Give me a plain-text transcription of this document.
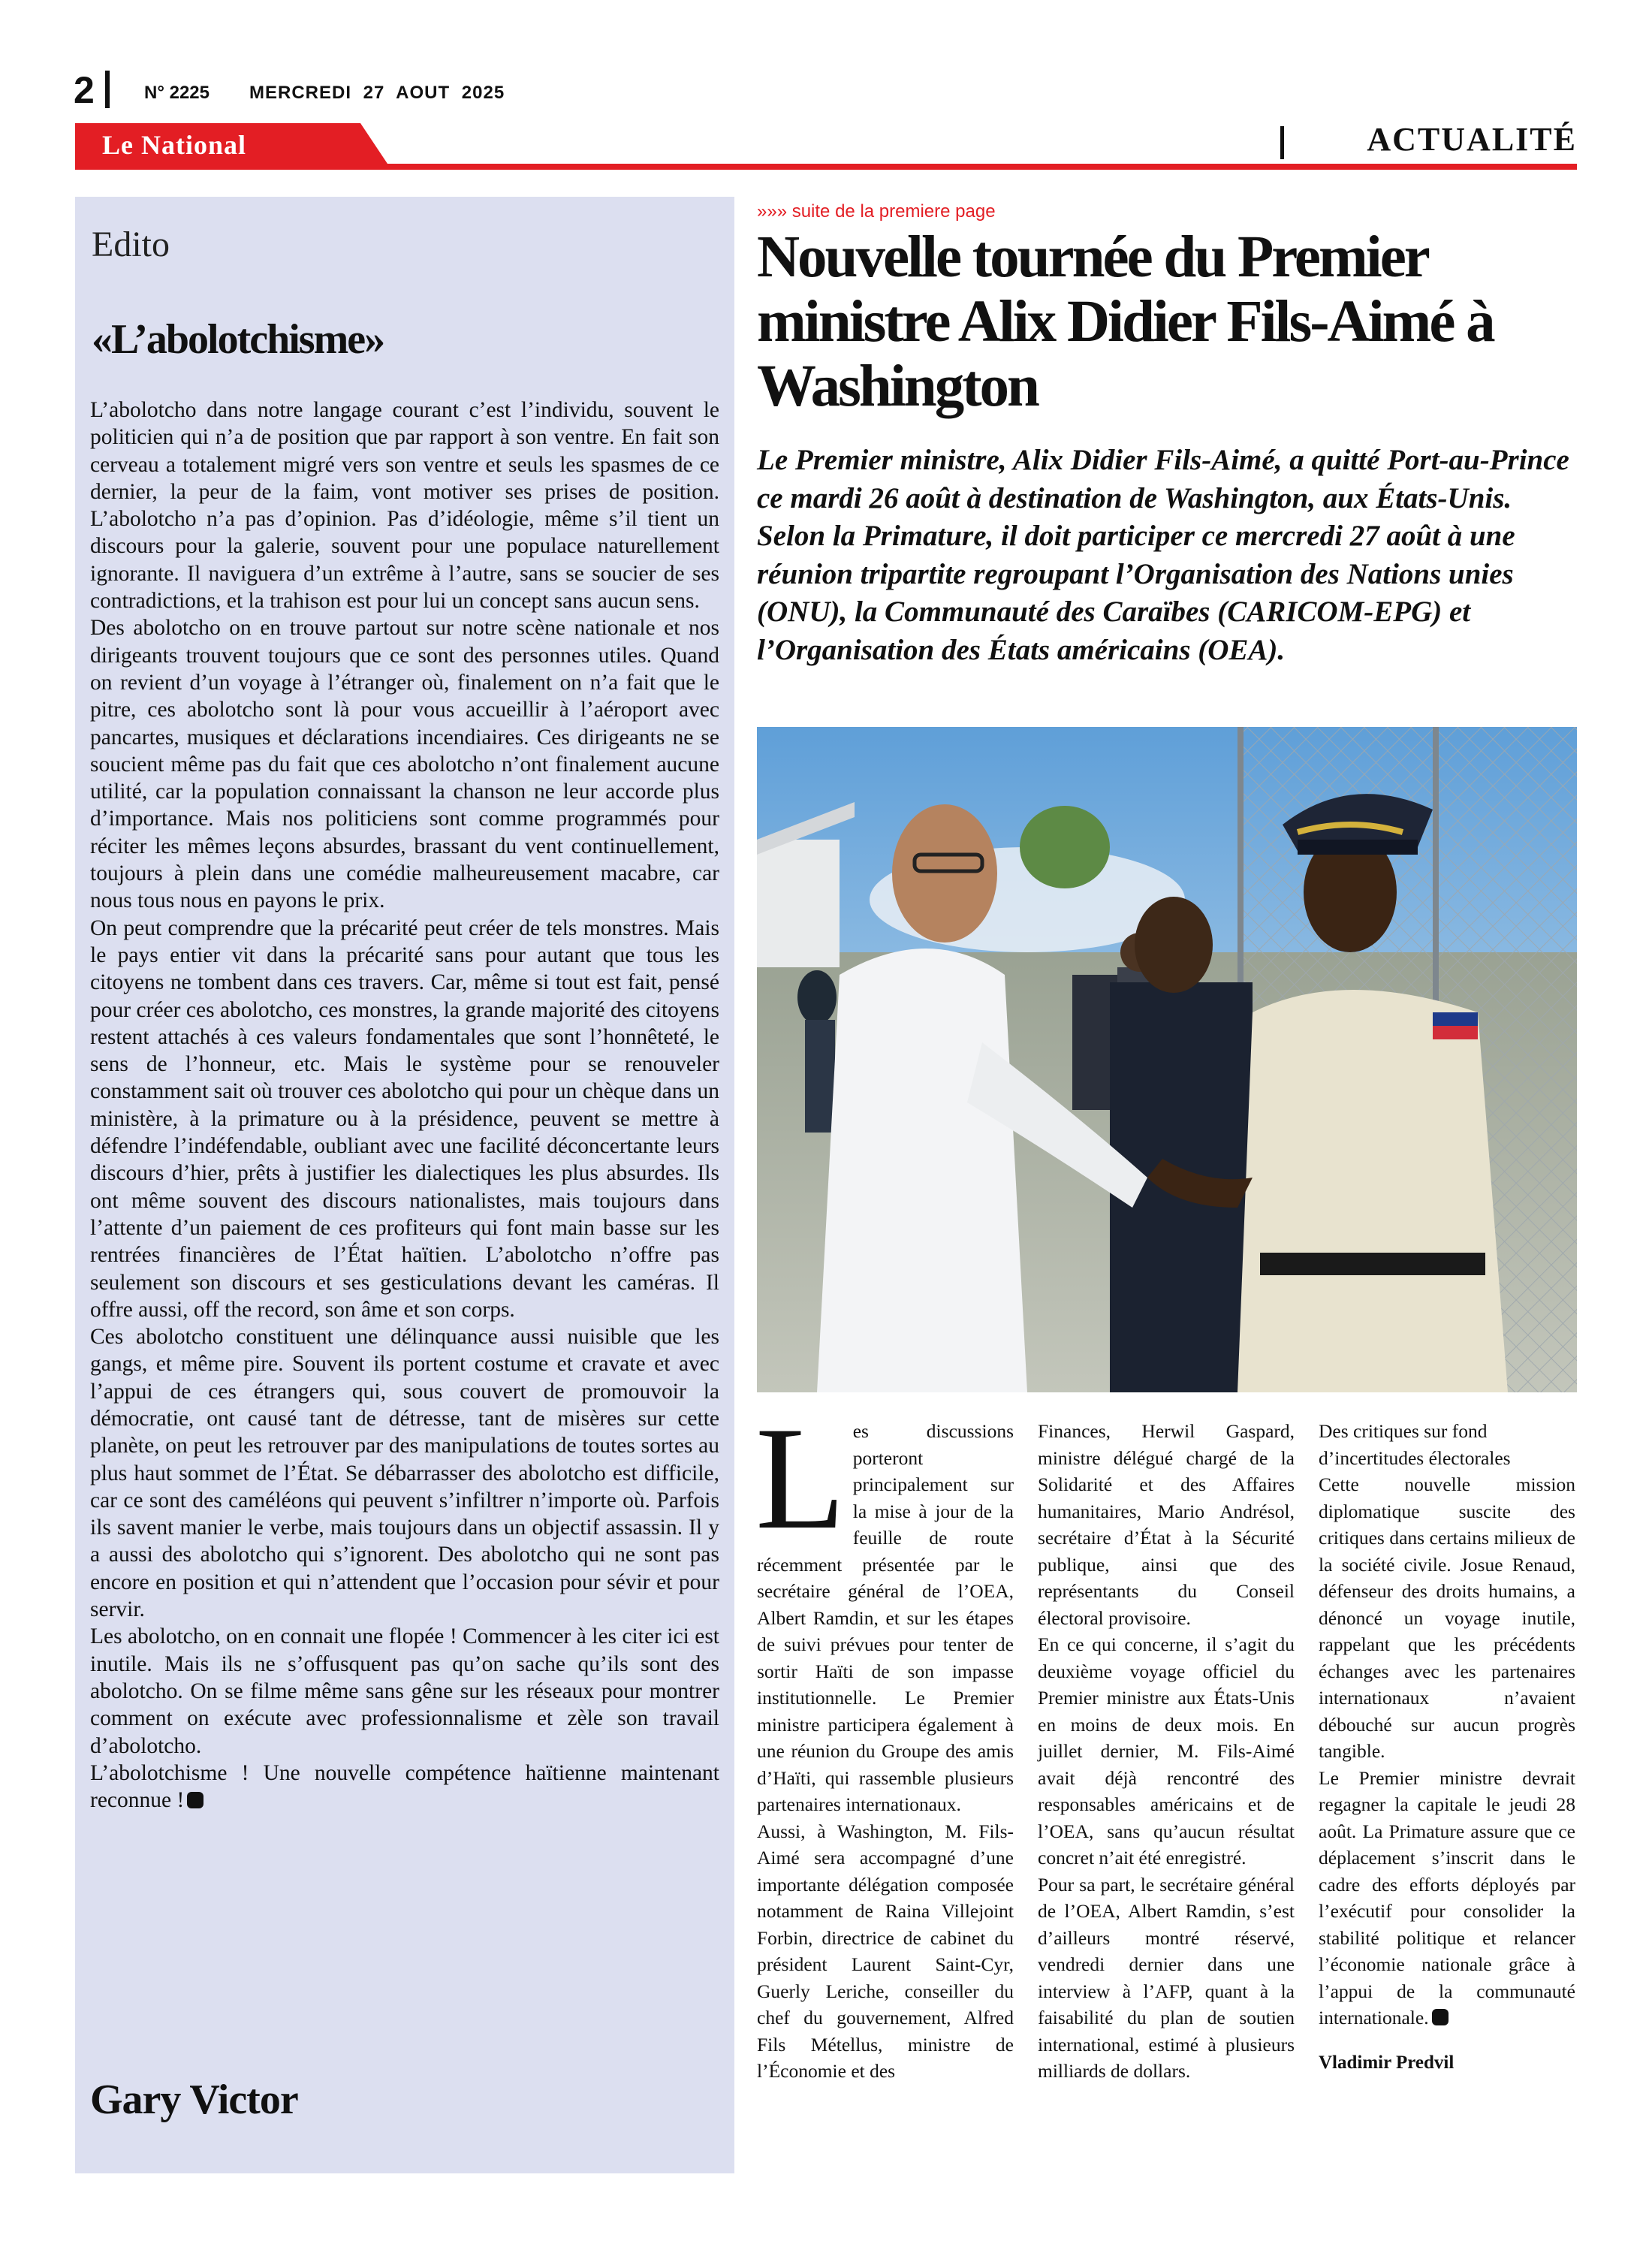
2	N° 2225 MERCREDI 27 AOUT 2025
Le National	ACTUALITÉ
Edito
«L’abolotchisme»

L’abolotcho dans notre langage courant c’est l’individu, souvent le politicien qui n’a de position que par rapport à son ventre. En fait son cerveau a totalement migré vers son ventre et seuls les spasmes de ce dernier, la peur de la faim, vont motiver ses prises de position. L’abolotcho n’a pas d’opinion. Pas d’idéologie, même s’il tient un discours pour la galerie, souvent pour une populace naturellement ignorante. Il naviguera d’un extrême à l’autre, sans se soucier de ses contradictions, et la trahison est pour lui un concept sans aucun sens.

Des abolotcho on en trouve partout sur notre scène nationale et nos dirigeants trouvent toujours que ce sont des personnes utiles. Quand on revient d’un voyage à l’étranger où, finalement on n’a fait que le pitre, ces abolotcho sont là pour vous accueillir à l’aéroport avec pancartes, musiques et déclarations incendiaires. Ces dirigeants ne se soucient même pas du fait que ces abolotcho n’ont finalement aucune utilité, car la population connaissant la chanson ne leur accorde plus d’importance. Mais nos politiciens sont comme programmés pour réciter les mêmes leçons absurdes, brassant du vent continuellement, toujours à plein dans une comédie malheureusement macabre, car nous tous nous en payons le prix.

On peut comprendre que la précarité peut créer de tels monstres. Mais le pays entier vit dans la précarité sans pour autant que tous les citoyens ne tombent dans ces travers. Car, même si tout est fait, pensé pour créer ces abolotcho, ces monstres, la grande majorité des citoyens restent attachés à ces valeurs fondamentales que sont l’honnêteté, le sens de l’honneur, etc. Mais le système pour se renouveler constamment sait où trouver ces abolotcho qui pour un chèque dans un ministère, à la primature ou à la présidence, peuvent se mettre à défendre l’indéfendable, oubliant avec une facilité déconcertante leurs discours d’hier, prêts à justifier les dialectiques les plus absurdes. Ils ont même souvent des discours nationalistes, mais toujours dans l’attente d’un paiement de ces profiteurs qui font main basse sur les rentrées financières de l’État haïtien. L’abolotcho n’offre pas seulement son discours et ses gesticulations devant les caméras. Il offre aussi, off the record, son âme et son corps.

Ces abolotcho constituent une délinquance aussi nuisible que les gangs, et même pire. Souvent ils portent costume et cravate et avec l’appui de ces étrangers qui, sous couvert de promouvoir la démocratie, ont causé tant de détresse, tant de misères sur cette planète, on peut les retrouver par des manipulations de toutes sortes au plus haut sommet de l’État. Se débarrasser des abolotcho est difficile, car ce sont des caméléons qui peuvent s’infiltrer n’importe où. Parfois ils savent manier le verbe, mais toujours dans un objectif assassin. Il y a aussi des abolotcho qui s’ignorent. Des abolotcho qui ne sont pas encore en position et qui n’attendent que l’occasion pour sévir et pour servir.

Les abolotcho, on en connait une flopée ! Commencer à les citer ici est inutile. Mais ils ne s’offusquent pas qu’on sache qu’ils sont des abolotcho. On se filme même sans gêne sur les réseaux pour montrer comment on exécute avec professionnalisme et zèle son travail d’abolotcho.

L’abolotchisme ! Une nouvelle compétence haïtienne maintenant reconnue !

Gary Victor
»»» suite de la premiere page
Nouvelle tournée du Premier ministre Alix Didier Fils-Aimé à Washington

Le Premier ministre, Alix Didier Fils-Aimé, a quitté Port-au-Prince ce mardi 26 août à destination de Washington, aux États-Unis. Selon la Primature, il doit participer ce mercredi 27 août à une réunion tripartite regroupant l’Organisation des Nations unies (ONU), la Communauté des Caraïbes (CARICOM-EPG) et l’Organisation des États américains (OEA).

Les discussions porteront principalement sur la mise à jour de la feuille de route récemment présentée par le secrétaire général de l’OEA, Albert Ramdin, et sur les étapes de suivi prévues pour tenter de sortir Haïti de son impasse institutionnelle. Le Premier ministre participera également à une réunion du Groupe des amis d’Haïti, qui rassemble plusieurs partenaires internationaux.

Aussi, à Washington, M. Fils-Aimé sera accompagné d’une importante délégation composée notamment de Raina Villejoint Forbin, directrice de cabinet du président Laurent Saint-Cyr, Guerly Leriche, conseiller du chef du gouvernement, Alfred Fils Métellus, ministre de l’Économie et des

Finances, Herwil Gaspard, ministre délégué chargé de la Solidarité et des Affaires humanitaires, Mario Andrésol, secrétaire d’État à la Sécurité publique, ainsi que des représentants du Conseil électoral provisoire.

En ce qui concerne, il s’agit du deuxième voyage officiel du Premier ministre aux États-Unis en moins de deux mois. En juillet dernier, M. Fils-Aimé avait déjà rencontré des responsables américains et de l’OEA, sans qu’aucun résultat concret n’ait été enregistré.

Pour sa part, le secrétaire général de l’OEA, Albert Ramdin, s’est d’ailleurs montré réservé, vendredi dernier dans une interview à l’AFP, quant à la faisabilité du plan de soutien international, estimé à plusieurs milliards de dollars.

Des critiques sur fond d’incertitudes électorales

Cette nouvelle mission diplomatique suscite des critiques dans certains milieux de la société civile. Josue Renaud, défenseur des droits humains, a dénoncé un voyage inutile, rappelant que les précédents échanges avec les partenaires internationaux n’avaient débouché sur aucun progrès tangible.

Le Premier ministre devrait regagner la capitale le jeudi 28 août. La Primature assure que ce déplacement s’inscrit dans le cadre des efforts déployés par l’exécutif pour consolider la stabilité politique et relancer l’économie nationale grâce à l’appui de la communauté internationale.

Vladimir Predvil
